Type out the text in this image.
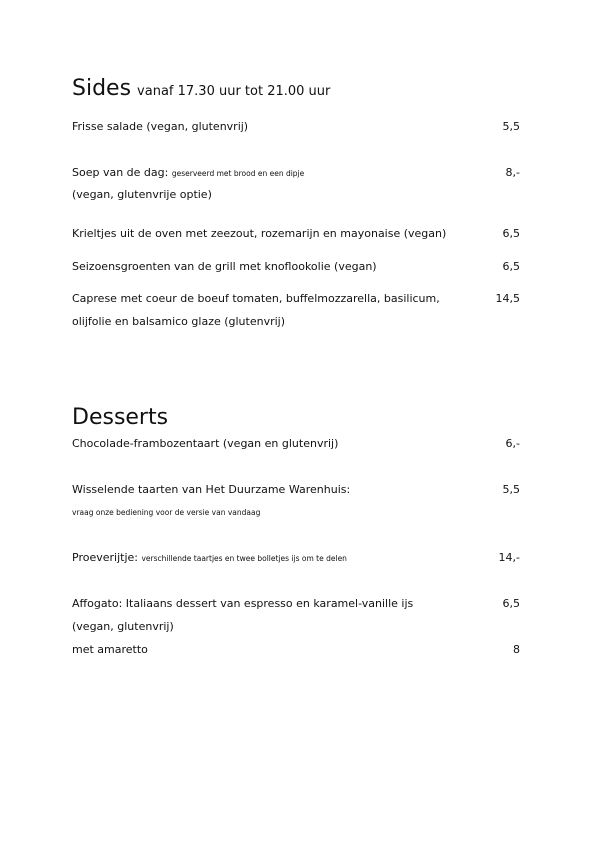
Sides vanaf 17.30 uur tot 21.00 uur
Frisse salade (vegan, glutenvrij)	5,5
Soep van de dag: geserveerd met brood en een dipje	8,-
(vegan, glutenvrije optie)
Krieltjes uit de oven met zeezout, rozemarijn en mayonaise (vegan)	6,5
Seizoensgroenten van de grill met knoflookolie (vegan)	6,5
Caprese met coeur de boeuf tomaten, buffelmozzarella, basilicum,	14,5
olijfolie en balsamico glaze (glutenvrij)
Desserts
Chocolade-frambozentaart (vegan en glutenvrij)	6,-
Wisselende taarten van Het Duurzame Warenhuis:	5,5
vraag onze bediening voor de versie van vandaag
Proeverijtje: verschillende taartjes en twee bolletjes ijs om te delen	14,-
Affogato: Italiaans dessert van espresso en karamel-vanille ijs	6,5
(vegan, glutenvrij)
met amaretto	8
